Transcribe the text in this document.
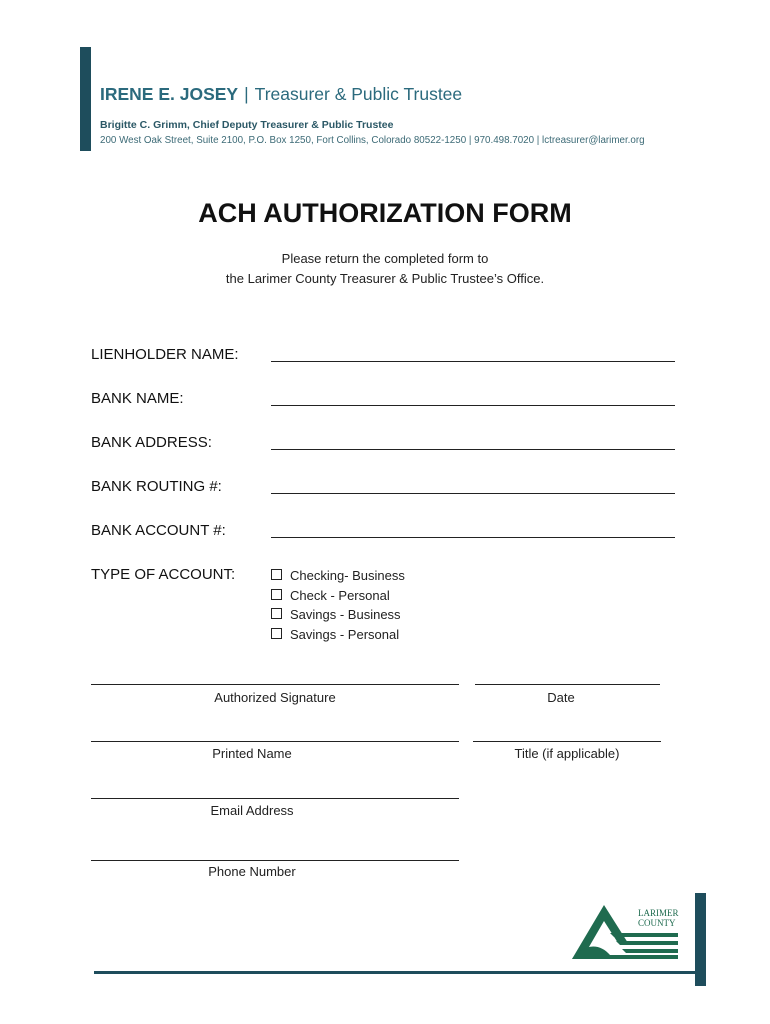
IRENE E. JOSEY | Treasurer & Public Trustee
Brigitte C. Grimm, Chief Deputy Treasurer & Public Trustee
200 West Oak Street, Suite 2100, P.O. Box 1250, Fort Collins, Colorado 80522-1250 | 970.498.7020 | lctreasurer@larimer.org
ACH AUTHORIZATION FORM
Please return the completed form to
the Larimer County Treasurer & Public Trustee’s Office.
LIENHOLDER NAME:
BANK NAME:
BANK ADDRESS:
BANK ROUTING #:
BANK ACCOUNT #:
TYPE OF ACCOUNT:	Checking- Business
Check - Personal
Savings - Business
Savings - Personal
Authorized Signature	Date
Printed Name	Title (if applicable)
Email Address
Phone Number
LARIMER
COUNTY
